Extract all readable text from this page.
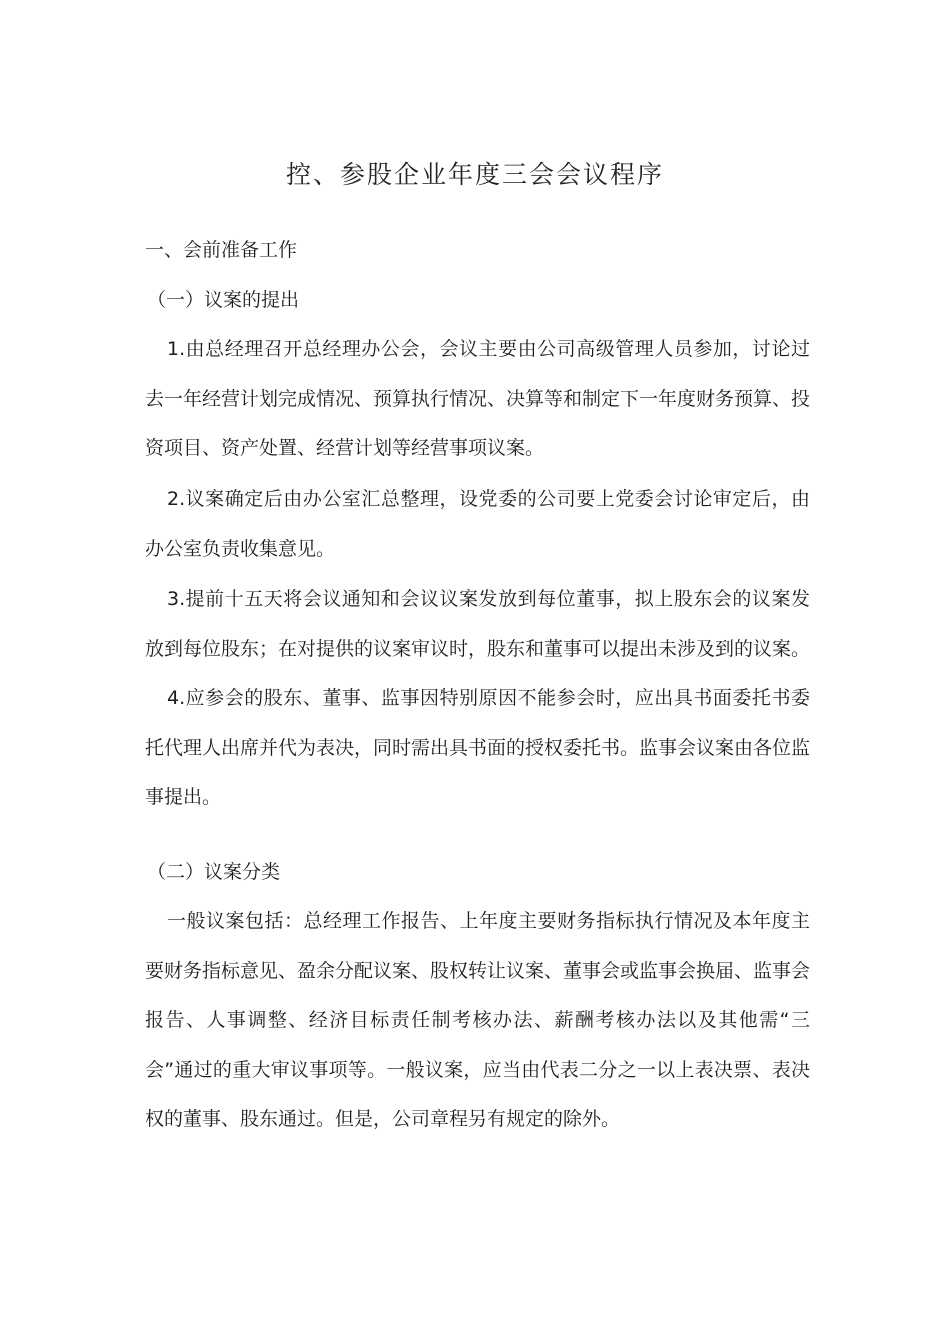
控、参股企业年度三会会议程序
一、会前准备工作
（一）议案的提出
1.由总经理召开总经理办公会，会议主要由公司高级管理人员参加，讨论过去一年经营计划完成情况、预算执行情况、决算等和制定下一年度财务预算、投资项目、资产处置、经营计划等经营事项议案。
2.议案确定后由办公室汇总整理，设党委的公司要上党委会讨论审定后，由办公室负责收集意见。
3.提前十五天将会议通知和会议议案发放到每位董事，拟上股东会的议案发放到每位股东；在对提供的议案审议时，股东和董事可以提出未涉及到的议案。
4.应参会的股东、董事、监事因特别原因不能参会时，应出具书面委托书委托代理人出席并代为表决，同时需出具书面的授权委托书。监事会议案由各位监事提出。
（二）议案分类
一般议案包括：总经理工作报告、上年度主要财务指标执行情况及本年度主要财务指标意见、盈余分配议案、股权转让议案、董事会或监事会换届、监事会报告、人事调整、经济目标责任制考核办法、薪酬考核办法以及其他需“三会”通过的重大审议事项等。一般议案，应当由代表二分之一以上表决票、表决权的董事、股东通过。但是，公司章程另有规定的除外。
